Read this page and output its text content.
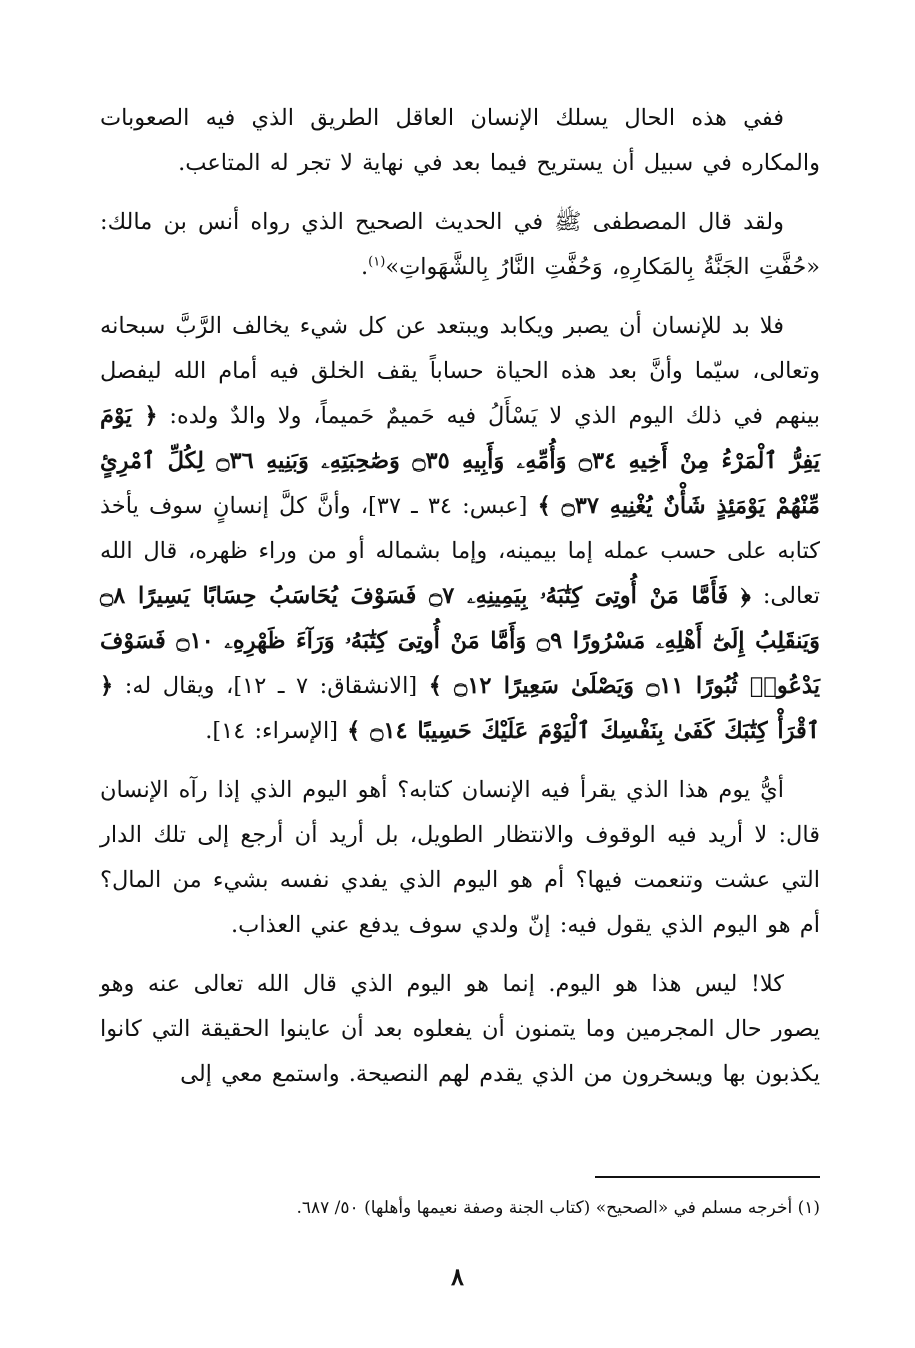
ففي هذه الحال يسلك الإنسان العاقل الطريق الذي فيه الصعوبات والمكاره في سبيل أن يستريح فيما بعد في نهاية لا تجر له المتاعب.

ولقد قال المصطفى ﷺ في الحديث الصحيح الذي رواه أنس بن مالك: «حُفَّتِ الجَنَّةُ بِالمَكارِهِ، وَحُفَّتِ النَّارُ بِالشَّهَواتِ»$^{(١)}$.

فلا بد للإنسان أن يصبر ويكابد ويبتعد عن كل شيء يخالف الرَّبَّ سبحانه وتعالى، سيّما وأنَّ بعد هذه الحياة حساباً يقف الخلق فيه أمام الله ليفصل بينهم في ذلك اليوم الذي لا يَسْأَلُ فيه حَميمٌ حَميماً، ولا والدٌ ولده: ﴿ يَوْمَ يَفِرُّ ٱلْمَرْءُ مِنْ أَخِيهِ ۝٣٤ وَأُمِّهِۦ وَأَبِيهِ ۝٣٥ وَصَٰحِبَتِهِۦ وَبَنِيهِ ۝٣٦ لِكُلِّ ٱمْرِئٍ مِّنْهُمْ يَوْمَئِذٍ شَأْنٌ يُغْنِيهِ ۝٣٧ ﴾ [عبس: ٣٤ ـ ٣٧]، وأنَّ كلَّ إنسانٍ سوف يأخذ كتابه على حسب عمله إما بيمينه، وإما بشماله أو من وراء ظهره، قال الله تعالى: ﴿ فَأَمَّا مَنْ أُوتِىَ كِتَٰبَهُۥ بِيَمِينِهِۦ ۝٧ فَسَوْفَ يُحَاسَبُ حِسَابًا يَسِيرًا ۝٨ وَيَنقَلِبُ إِلَىٰٓ أَهْلِهِۦ مَسْرُورًا ۝٩ وَأَمَّا مَنْ أُوتِىَ كِتَٰبَهُۥ وَرَآءَ ظَهْرِهِۦ ۝١٠ فَسَوْفَ يَدْعُوا۟ ثُبُورًا ۝١١ وَيَصْلَىٰ سَعِيرًا ۝١٢ ﴾ [الانشقاق: ٧ ـ ١٢]، ويقال له: ﴿ ٱقْرَأْ كِتَٰبَكَ كَفَىٰ بِنَفْسِكَ ٱلْيَوْمَ عَلَيْكَ حَسِيبًا ۝١٤ ﴾ [الإسراء: ١٤].

أيُّ يوم هذا الذي يقرأ فيه الإنسان كتابه؟ أهو اليوم الذي إذا رآه الإنسان قال: لا أريد فيه الوقوف والانتظار الطويل، بل أريد أن أرجع إلى تلك الدار التي عشت وتنعمت فيها؟ أم هو اليوم الذي يفدي نفسه بشيء من المال؟ أم هو اليوم الذي يقول فيه: إنّ ولدي سوف يدفع عني العذاب.

كلا! ليس هذا هو اليوم. إنما هو اليوم الذي قال الله تعالى عنه وهو يصور حال المجرمين وما يتمنون أن يفعلوه بعد أن عاينوا الحقيقة التي كانوا يكذبون بها ويسخرون من الذي يقدم لهم النصيحة. واستمع معي إلى

(١) أخرجه مسلم في «الصحيح» (كتاب الجنة وصفة نعيمها وأهلها) ٥٠/ ٦٨٧.
٨
